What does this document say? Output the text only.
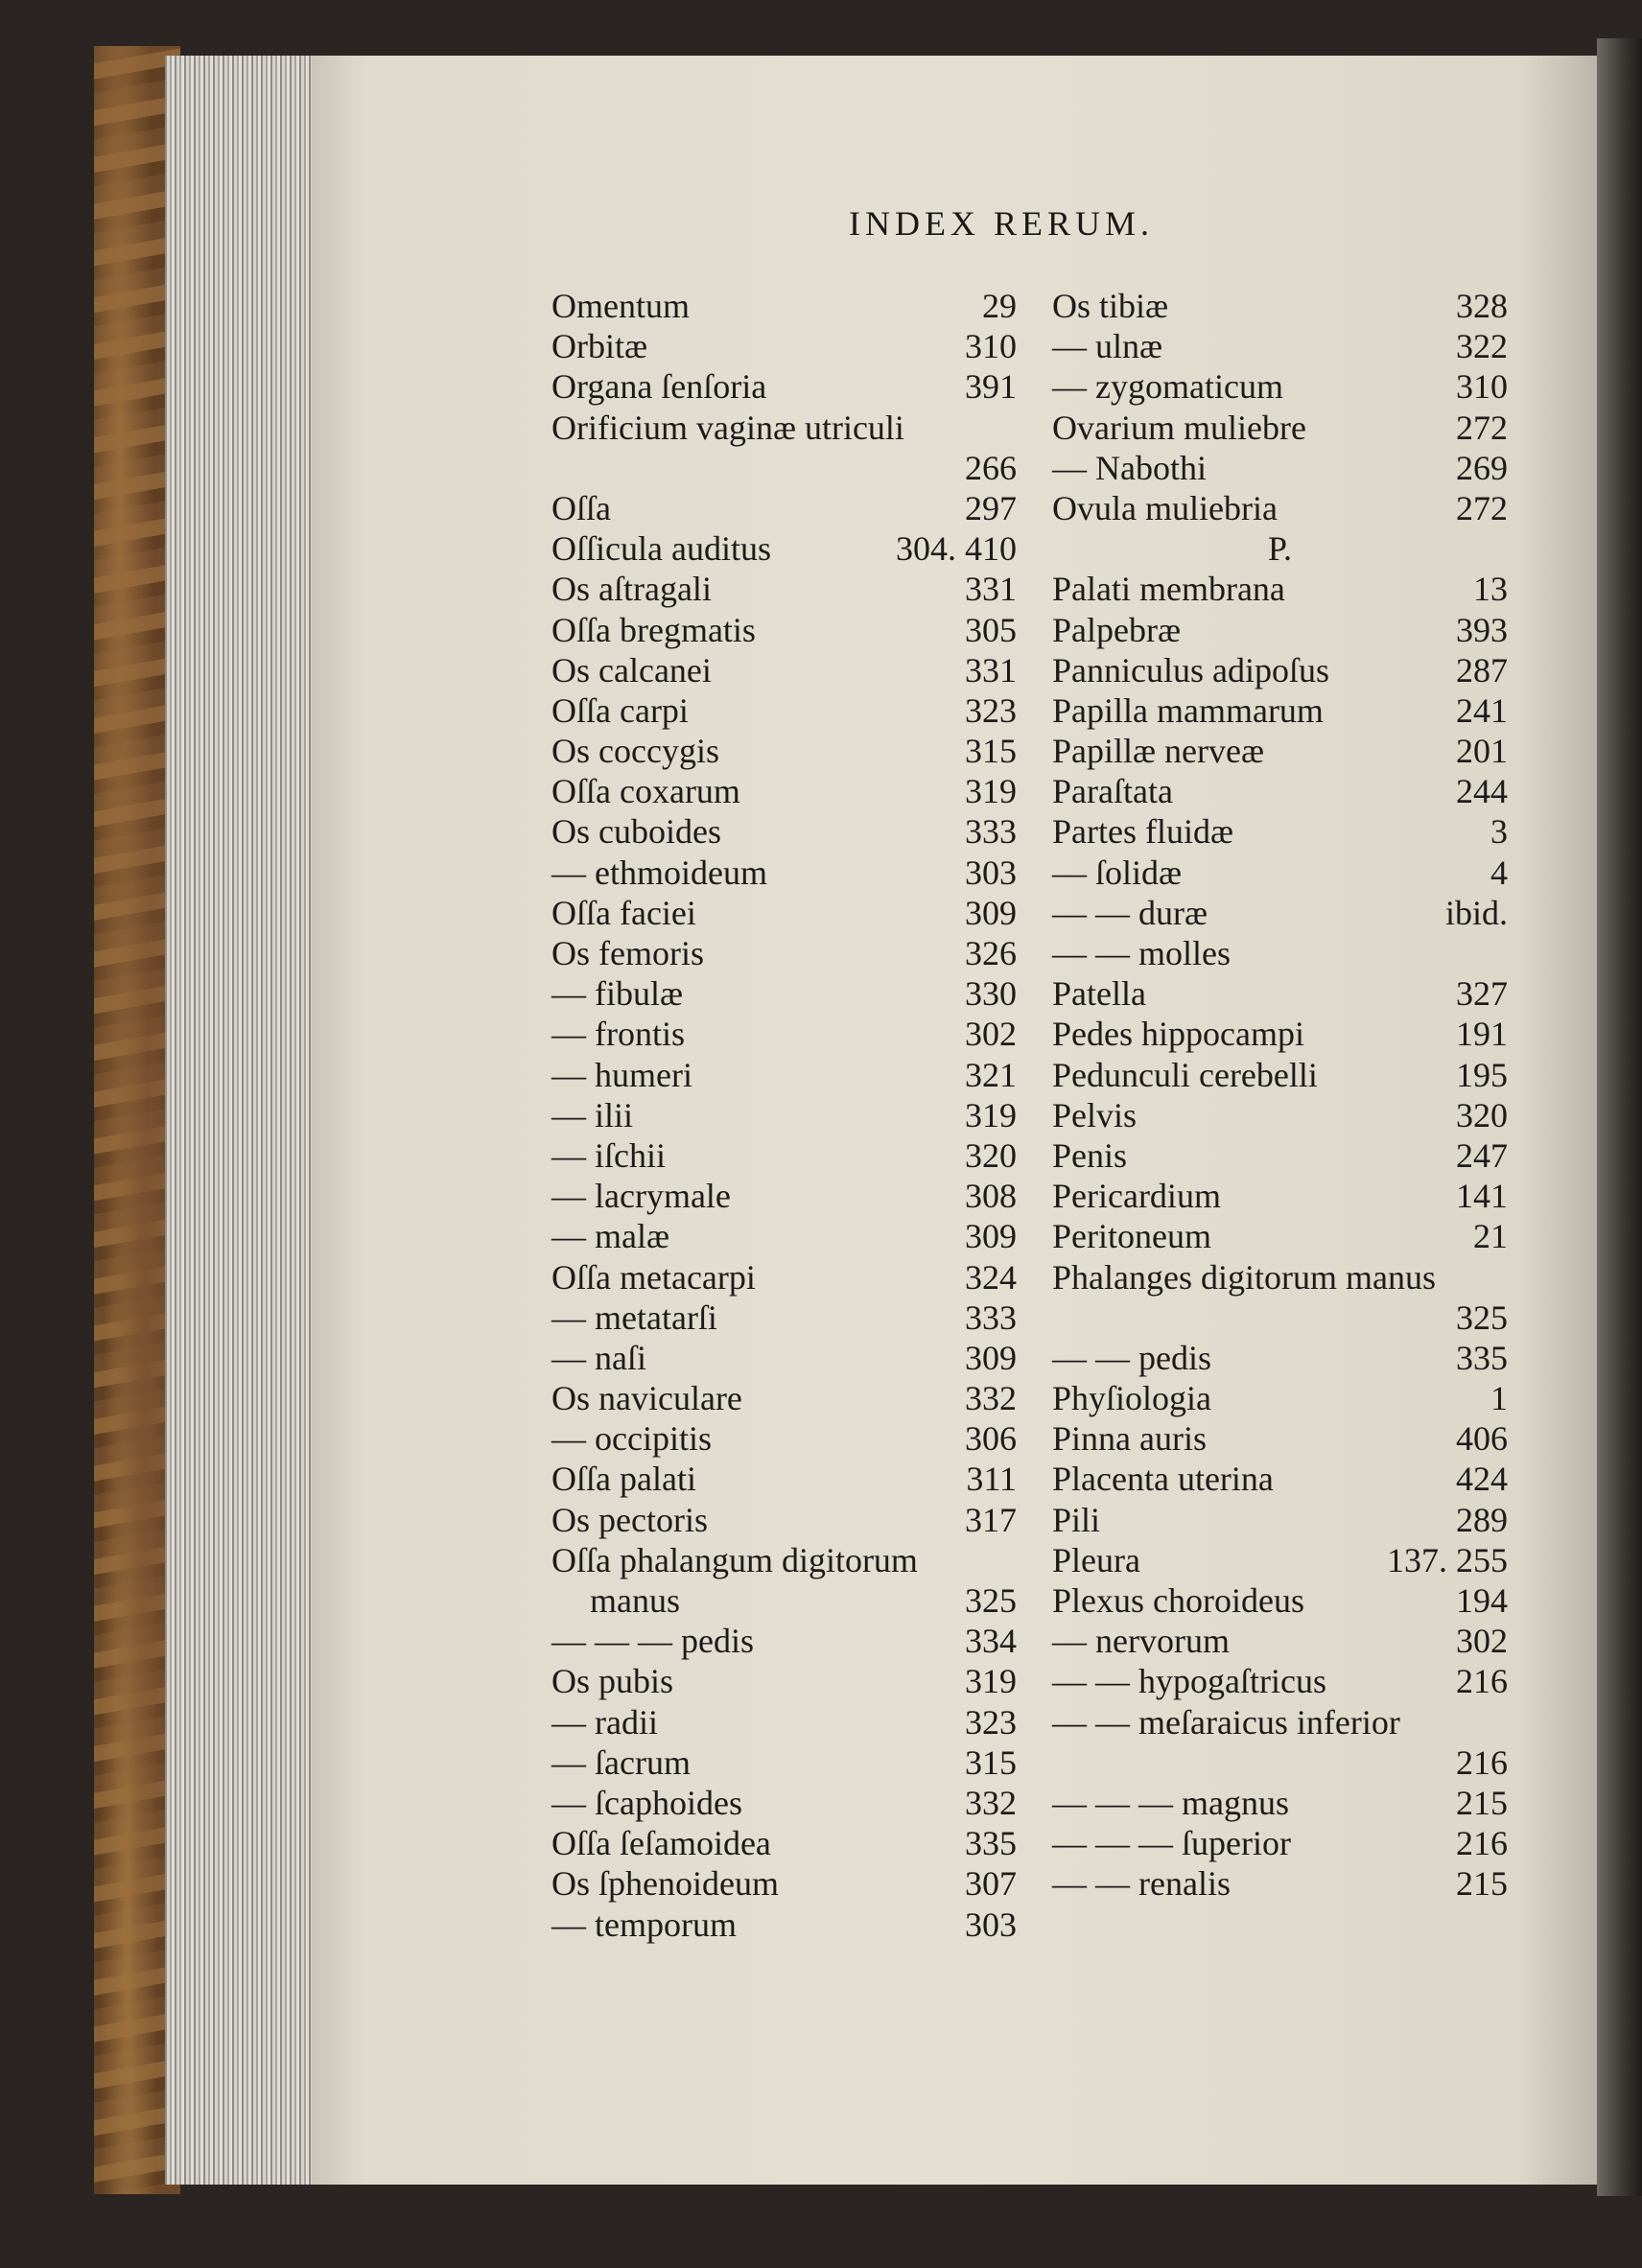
INDEX RERUM.
Omentum	29
Orbitæ	310
Organa ſenſoria	391
Orificium vaginæ utriculi
266
Oſſa	297
Oſſicula auditus	304. 410
Os aſtragali	331
Oſſa bregmatis	305
Os calcanei	331
Oſſa carpi	323
Os coccygis	315
Oſſa coxarum	319
Os cuboides	333
— ethmoideum	303
Oſſa faciei	309
Os femoris	326
— fibulæ	330
— frontis	302
— humeri	321
— ilii	319
— iſchii	320
— lacrymale	308
— malæ	309
Oſſa metacarpi	324
— metatarſi	333
— naſi	309
Os naviculare	332
— occipitis	306
Oſſa palati	311
Os pectoris	317
Oſſa phalangum digitorum
manus	325
— — — pedis	334
Os pubis	319
— radii	323
— ſacrum	315
— ſcaphoides	332
Oſſa ſeſamoidea	335
Os ſphenoideum	307
— temporum	303
Os tibiæ	328
— ulnæ	322
— zygomaticum	310
Ovarium muliebre	272
— Nabothi	269
Ovula muliebria	272
P.
Palati membrana	13
Palpebræ	393
Panniculus adipoſus	287
Papilla mammarum	241
Papillæ nerveæ	201
Paraſtata	244
Partes fluidæ	3
— ſolidæ	4
— — duræ	ibid.
— — molles
Patella	327
Pedes hippocampi	191
Pedunculi cerebelli	195
Pelvis	320
Penis	247
Pericardium	141
Peritoneum	21
Phalanges digitorum manus
325
— — pedis	335
Phyſiologia	1
Pinna auris	406
Placenta uterina	424
Pili	289
Pleura	137. 255
Plexus choroideus	194
— nervorum	302
— — hypogaſtricus	216
— — meſaraicus inferior
216
— — — magnus	215
— — — ſuperior	216
— — renalis	215
